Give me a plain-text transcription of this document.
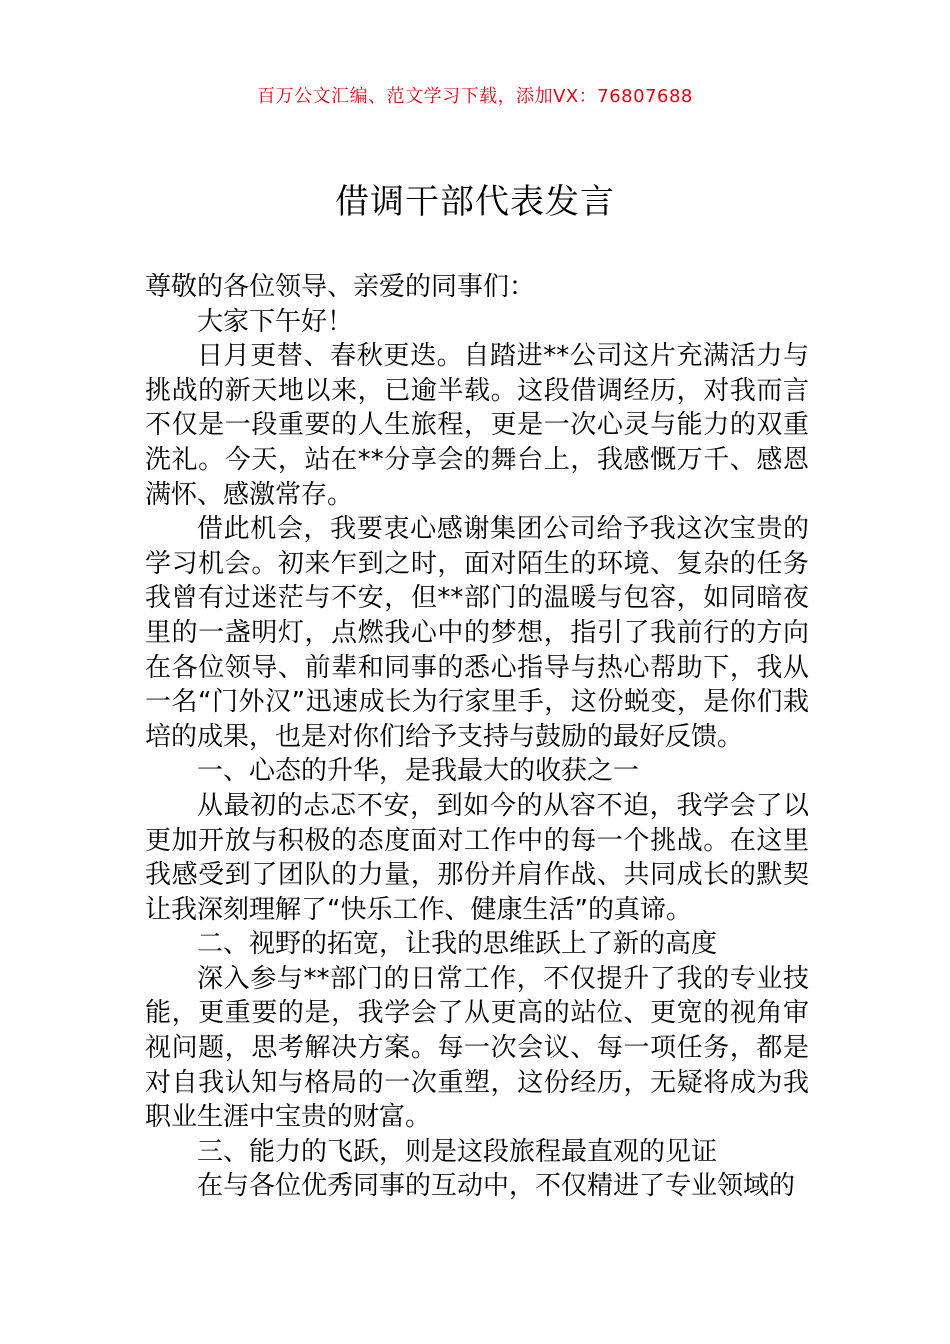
百万公文汇编、范文学习下载，添加VX：76807688
借调干部代表发言

尊敬的各位领导、亲爱的同事们：

大家下午好！

日月更替、春秋更迭。自踏进**公司这片充满活力与挑战的新天地以来，已逾半载。这段借调经历，对我而言不仅是一段重要的人生旅程，更是一次心灵与能力的双重洗礼。今天，站在**分享会的舞台上，我感慨万千、感恩满怀、感激常存。

借此机会，我要衷心感谢集团公司给予我这次宝贵的学习机会。初来乍到之时，面对陌生的环境、复杂的任务我曾有过迷茫与不安，但**部门的温暖与包容，如同暗夜里的一盏明灯，点燃我心中的梦想，指引了我前行的方向在各位领导、前辈和同事的悉心指导与热心帮助下，我从一名“门外汉”迅速成长为行家里手，这份蜕变，是你们栽培的成果，也是对你们给予支持与鼓励的最好反馈。

一、心态的升华，是我最大的收获之一

从最初的忐忑不安，到如今的从容不迫，我学会了以更加开放与积极的态度面对工作中的每一个挑战。在这里我感受到了团队的力量，那份并肩作战、共同成长的默契让我深刻理解了“快乐工作、健康生活”的真谛。

二、视野的拓宽，让我的思维跃上了新的高度

深入参与**部门的日常工作，不仅提升了我的专业技能，更重要的是，我学会了从更高的站位、更宽的视角审视问题，思考解决方案。每一次会议、每一项任务，都是对自我认知与格局的一次重塑，这份经历，无疑将成为我职业生涯中宝贵的财富。

三、能力的飞跃，则是这段旅程最直观的见证

在与各位优秀同事的互动中，不仅精进了专业领域的
